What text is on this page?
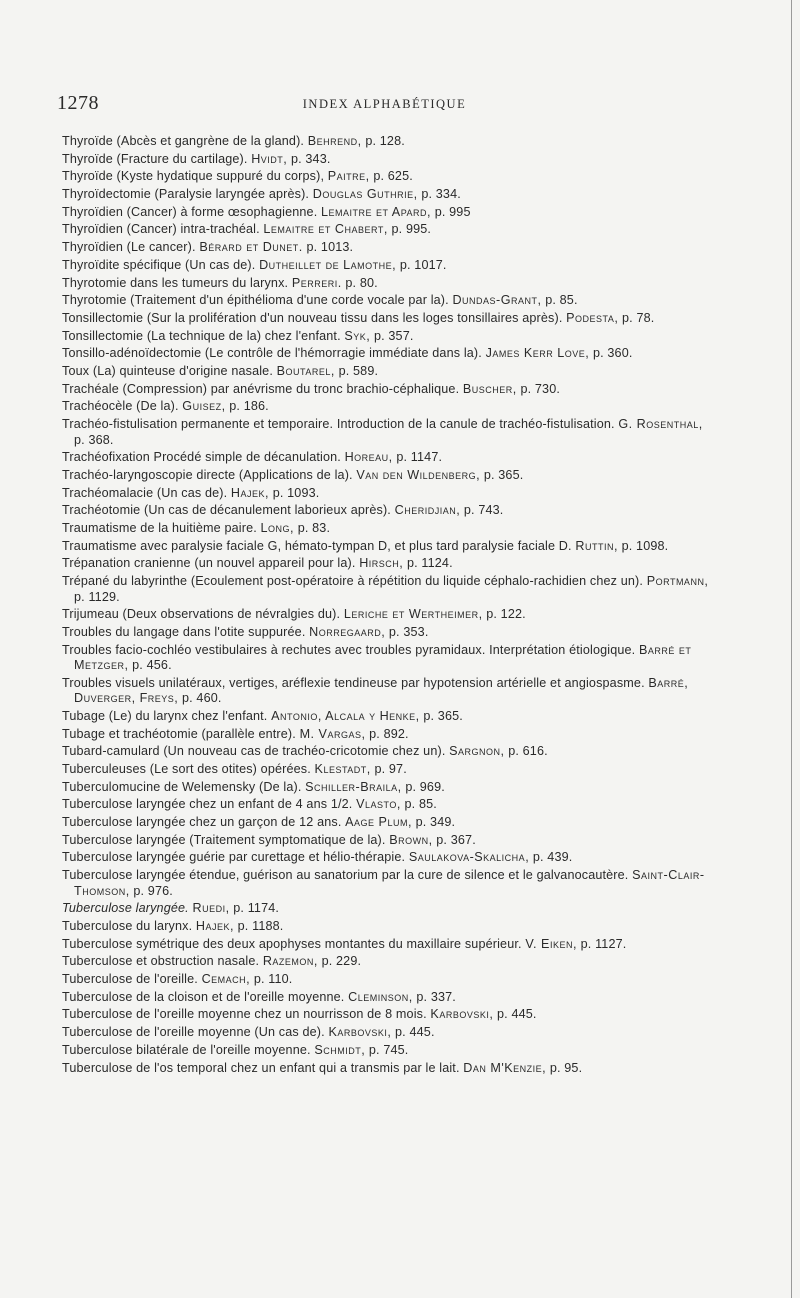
1278	INDEX ALPHABÉTIQUE

Thyroïde (Abcès et gangrène de la gland). Behrend, p. 128.

Thyroïde (Fracture du cartilage). Hvidt, p. 343.

Thyroïde (Kyste hydatique suppuré du corps), Paitre, p. 625.

Thyroïdectomie (Paralysie laryngée après). Douglas Guthrie, p. 334.

Thyroïdien (Cancer) à forme œsophagienne. Lemaitre et Apard, p. 995

Thyroïdien (Cancer) intra-trachéal. Lemaitre et Chabert, p. 995.

Thyroïdien (Le cancer). Bérard et Dunet. p. 1013.

Thyroïdite spécifique (Un cas de). Dutheillet de Lamothe, p. 1017.

Thyrotomie dans les tumeurs du larynx. Perreri. p. 80.

Thyrotomie (Traitement d'un épithélioma d'une corde vocale par la). Dundas-Grant, p. 85.

Tonsillectomie (Sur la prolifération d'un nouveau tissu dans les loges tonsillaires après). Podesta, p. 78.

Tonsillectomie (La technique de la) chez l'enfant. Syk, p. 357.

Tonsillo-adénoïdectomie (Le contrôle de l'hémorragie immédiate dans la). James Kerr Love, p. 360.

Toux (La) quinteuse d'origine nasale. Boutarel, p. 589.

Trachéale (Compression) par anévrisme du tronc brachio-céphalique. Buscher, p. 730.

Trachéocèle (De la). Guisez, p. 186.

Trachéo-fistulisation permanente et temporaire. Introduction de la canule de trachéo-fistulisation. G. Rosenthal, p. 368.

Trachéofixation Procédé simple de décanulation. Horeau, p. 1147.

Trachéo-laryngoscopie directe (Applications de la). Van den Wildenberg, p. 365.

Trachéomalacie (Un cas de). Hajek, p. 1093.

Trachéotomie (Un cas de décanulement laborieux après). Cheridjian, p. 743.

Traumatisme de la huitième paire. Long, p. 83.

Traumatisme avec paralysie faciale G, hémato-tympan D, et plus tard paralysie faciale D. Ruttin, p. 1098.

Trépanation cranienne (un nouvel appareil pour la). Hirsch, p. 1124.

Trépané du labyrinthe (Ecoulement post-opératoire à répétition du liquide céphalo-rachidien chez un). Portmann, p. 1129.

Trijumeau (Deux observations de névralgies du). Leriche et Wertheimer, p. 122.

Troubles du langage dans l'otite suppurée. Norregaard, p. 353.

Troubles facio-cochléo vestibulaires à rechutes avec troubles pyramidaux. Interprétation étiologique. Barré et Metzger, p. 456.

Troubles visuels unilatéraux, vertiges, aréflexie tendineuse par hypotension artérielle et angiospasme. Barré, Duverger, Freys, p. 460.

Tubage (Le) du larynx chez l'enfant. Antonio, Alcala y Henke, p. 365.

Tubage et trachéotomie (parallèle entre). M. Vargas, p. 892.

Tubard-camulard (Un nouveau cas de trachéo-cricotomie chez un). Sargnon, p. 616.

Tuberculeuses (Le sort des otites) opérées. Klestadt, p. 97.

Tuberculomucine de Welemensky (De la). Schiller-Braila, p. 969.

Tuberculose laryngée chez un enfant de 4 ans 1/2. Vlasto, p. 85.

Tuberculose laryngée chez un garçon de 12 ans. Aage Plum, p. 349.

Tuberculose laryngée (Traitement symptomatique de la). Brown, p. 367.

Tuberculose laryngée guérie par curettage et hélio-thérapie. Saulakova-Skalicha, p. 439.

Tuberculose laryngée étendue, guérison au sanatorium par la cure de silence et le galvanocautère. Saint-Clair-Thomson, p. 976.

Tuberculose laryngée. Ruedi, p. 1174.

Tuberculose du larynx. Hajek, p. 1188.

Tuberculose symétrique des deux apophyses montantes du maxillaire supérieur. V. Eiken, p. 1127.

Tuberculose et obstruction nasale. Razemon, p. 229.

Tuberculose de l'oreille. Cemach, p. 110.

Tuberculose de la cloison et de l'oreille moyenne. Cleminson, p. 337.

Tuberculose de l'oreille moyenne chez un nourrisson de 8 mois. Karbovski, p. 445.

Tuberculose de l'oreille moyenne (Un cas de). Karbovski, p. 445.

Tuberculose bilatérale de l'oreille moyenne. Schmidt, p. 745.

Tuberculose de l'os temporal chez un enfant qui a transmis par le lait. Dan M'Kenzie, p. 95.
